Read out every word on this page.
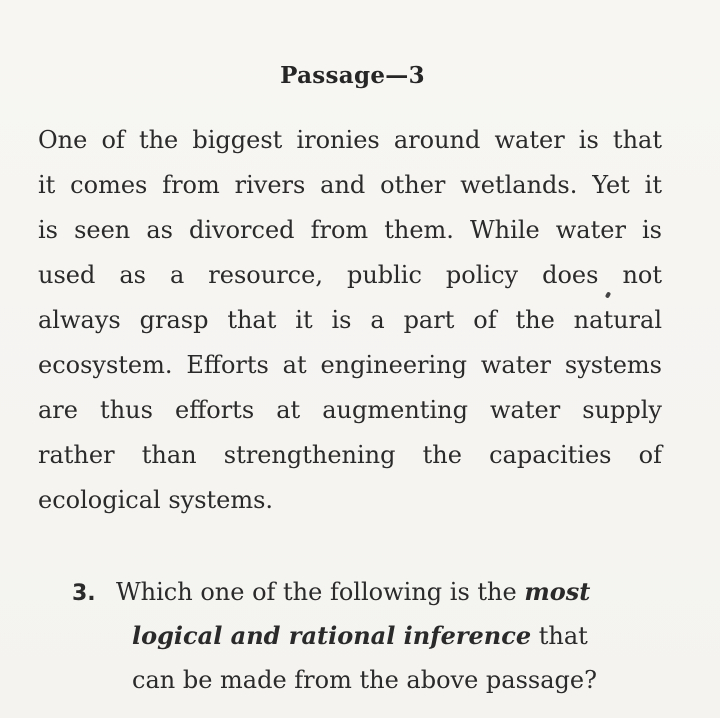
Passage—3
One of the biggest ironies around water is that
it comes from rivers and other wetlands. Yet it
is seen as divorced from them. While water is
used as a resource, public policy does not
always grasp that it is a part of the natural
ecosystem. Efforts at engineering water systems
are thus efforts at augmenting water supply
rather than strengthening the capacities of
ecological systems.
3. Which one of the following is the most
logical and rational inference that
can be made from the above passage?
